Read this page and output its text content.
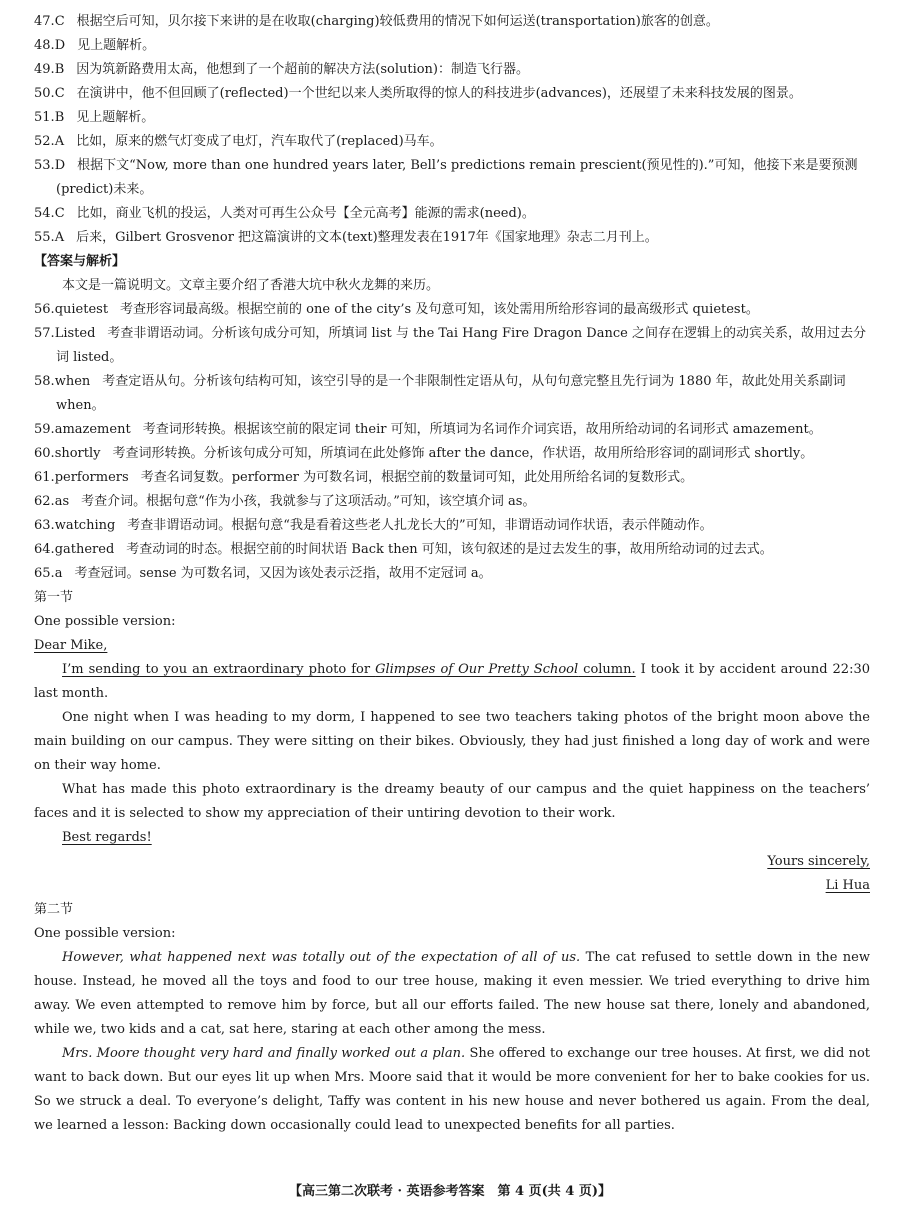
47.C 根据空后可知，贝尔接下来讲的是在收取(charging)较低费用的情况下如何运送(transportation)旅客的创意。
48.D 见上题解析。
49.B 因为筑新路费用太高，他想到了一个超前的解决方法(solution)：制造飞行器。
50.C 在演讲中，他不但回顾了(reflected)一个世纪以来人类所取得的惊人的科技进步(advances)，还展望了未来科技发展的图景。
51.B 见上题解析。
52.A 比如，原来的燃气灯变成了电灯，汽车取代了(replaced)马车。
53.D 根据下文“Now, more than one hundred years later, Bell’s predictions remain prescient(预见性的).”可知，他接下来是要预测(predict)未来。
54.C 比如，商业飞机的投运，人类对可再生公众号【全元高考】能源的需求(need)。
55.A 后来，Gilbert Grosvenor 把这篇演讲的文本(text)整理发表在1917年《国家地理》杂志二月刊上。
【答案与解析】
本文是一篇说明文。文章主要介绍了香港大坑中秋火龙舞的来历。
56.quietest 考查形容词最高级。根据空前的 one of the city’s 及句意可知，该处需用所给形容词的最高级形式 quietest。
57.Listed 考查非谓语动词。分析该句成分可知，所填词 list 与 the Tai Hang Fire Dragon Dance 之间存在逻辑上的动宾关系，故用过去分词 listed。
58.when 考查定语从句。分析该句结构可知，该空引导的是一个非限制性定语从句，从句句意完整且先行词为 1880 年，故此处用关系副词 when。
59.amazement 考查词形转换。根据该空前的限定词 their 可知，所填词为名词作介词宾语，故用所给动词的名词形式 amazement。
60.shortly 考查词形转换。分析该句成分可知，所填词在此处修饰 after the dance，作状语，故用所给形容词的副词形式 shortly。
61.performers 考查名词复数。performer 为可数名词，根据空前的数量词可知，此处用所给名词的复数形式。
62.as 考查介词。根据句意“作为小孩，我就参与了这项活动。”可知，该空填介词 as。
63.watching 考查非谓语动词。根据句意“我是看着这些老人扎龙长大的”可知，非谓语动词作状语，表示伴随动作。
64.gathered 考查动词的时态。根据空前的时间状语 Back then 可知，该句叙述的是过去发生的事，故用所给动词的过去式。
65.a 考查冠词。sense 为可数名词，又因为该处表示泛指，故用不定冠词 a。
第一节
One possible version:
Dear Mike,

I’m sending to you an extraordinary photo for Glimpses of Our Pretty School column. I took it by accident around 22:30 last month.

One night when I was heading to my dorm, I happened to see two teachers taking photos of the bright moon above the main building on our campus. They were sitting on their bikes. Obviously, they had just finished a long day of work and were on their way home.

What has made this photo extraordinary is the dreamy beauty of our campus and the quiet happiness on the teachers’ faces and it is selected to show my appreciation of their untiring devotion to their work.

Best regards!

Yours sincerely,
Li Hua
第二节
One possible version:

However, what happened next was totally out of the expectation of all of us. The cat refused to settle down in the new house. Instead, he moved all the toys and food to our tree house, making it even messier. We tried everything to drive him away. We even attempted to remove him by force, but all our efforts failed. The new house sat there, lonely and abandoned, while we, two kids and a cat, sat here, staring at each other among the mess.

Mrs. Moore thought very hard and finally worked out a plan. She offered to exchange our tree houses. At first, we did not want to back down. But our eyes lit up when Mrs. Moore said that it would be more convenient for her to bake cookies for us. So we struck a deal. To everyone’s delight, Taffy was content in his new house and never bothered us again. From the deal, we learned a lesson: Backing down occasionally could lead to unexpected benefits for all parties.

【高三第二次联考 · 英语参考答案　第 4 页(共 4 页)】
